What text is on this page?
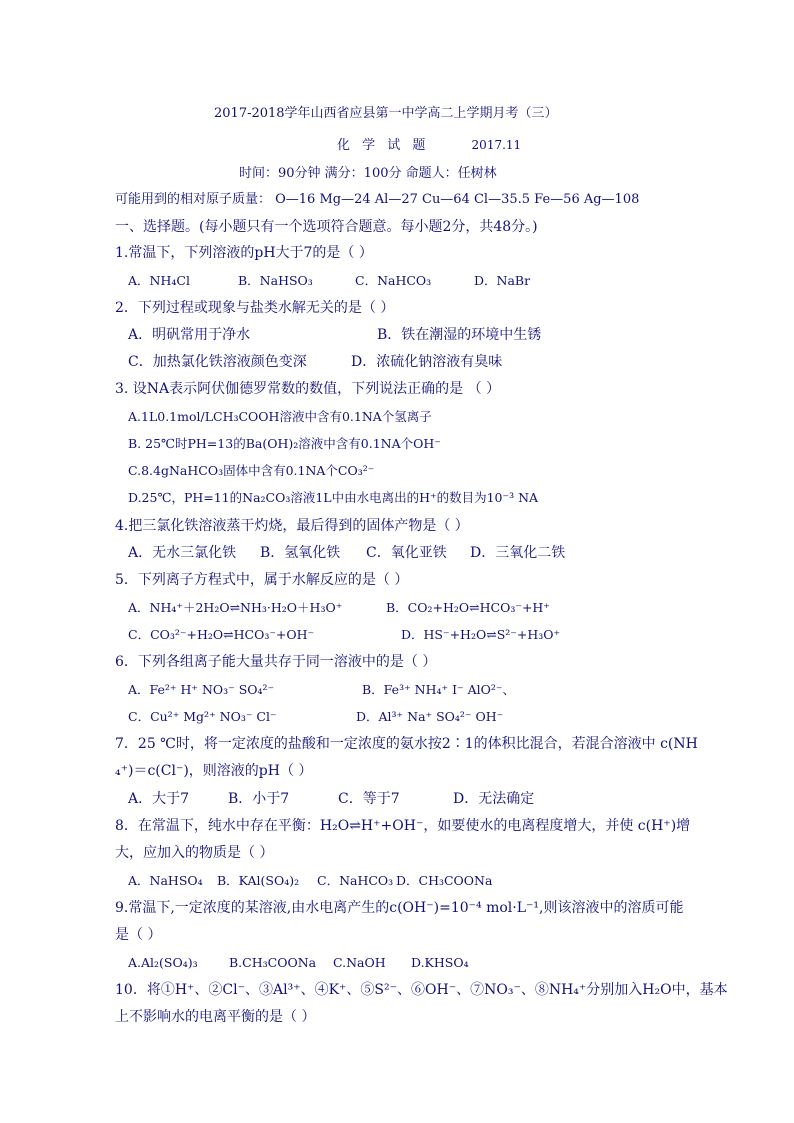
2017-2018学年山西省应县第一中学高二上学期月考（三）
化 学 试 题	2017.11
时间：90分钟 满分：100分 命题人：任树林
可能用到的相对原子质量： O—16 Mg—24 Al—27 Cu—64 Cl—35.5 Fe—56 Ag—108
一、选择题。(每小题只有一个选项符合题意。每小题2分，共48分。)
1.常温下，下列溶液的pH大于7的是（ ）
A．NH₄Cl	B．NaHSO₃	C．NaHCO₃	D．NaBr
2．下列过程或现象与盐类水解无关的是（ ）
A．明矾常用于净水	B．铁在潮湿的环境中生锈
C．加热氯化铁溶液颜色变深	D．浓硫化钠溶液有臭味
3. 设NA表示阿伏伽德罗常数的数值，下列说法正确的是 （ ）
A.1L0.1mol/LCH₃COOH溶液中含有0.1NA个氢离子
B. 25℃时PH=13的Ba(OH)₂溶液中含有0.1NA个OH⁻
C.8.4gNaHCO₃固体中含有0.1NA个CO₃²⁻
D.25℃，PH=11的Na₂CO₃溶液1L中由水电离出的H⁺的数目为10⁻³ NA
4.把三氯化铁溶液蒸干灼烧，最后得到的固体产物是（ ）
A．无水三氯化铁 B．氢氧化铁 C．氧化亚铁 D．三氧化二铁
5．下列离子方程式中，属于水解反应的是（ ）
A．NH₄⁺＋2H₂O⇌NH₃·H₂O＋H₃O⁺	B．CO₂+H₂O⇌HCO₃⁻+H⁺
C．CO₃²⁻+H₂O⇌HCO₃⁻+OH⁻	D．HS⁻+H₂O⇌S²⁻+H₃O⁺
6．下列各组离子能大量共存于同一溶液中的是（ ）
A．Fe²⁺ H⁺ NO₃⁻ SO₄²⁻	B．Fe³⁺ NH₄⁺ I⁻ AlO²⁻、
C．Cu²⁺ Mg²⁺ NO₃⁻ Cl⁻	D．Al³⁺ Na⁺ SO₄²⁻ OH⁻
7．25 ℃时，将一定浓度的盐酸和一定浓度的氨水按2∶1的体积比混合，若混合溶液中 c(NH
₄⁺)＝c(Cl⁻)，则溶液的pH（ ）
A．大于7	B．小于7	C．等于7	D．无法确定
8．在常温下，纯水中存在平衡：H₂O⇌H⁺+OH⁻，如要使水的电离程度增大，并使 c(H⁺)增
大，应加入的物质是（ ）
A．NaHSO₄ B．KAl(SO₄)₂ C．NaHCO₃ D．CH₃COONa
9.常温下,一定浓度的某溶液,由水电离产生的c(OH⁻)=10⁻⁴ mol·L⁻¹,则该溶液中的溶质可能
是（ ）
A.Al₂(SO₄)₃	B.CH₃COONa C.NaOH D.KHSO₄
10．将①H⁺、②Cl⁻、③Al³⁺、④K⁺、⑤S²⁻、⑥OH⁻、⑦NO₃⁻、⑧NH₄⁺分别加入H₂O中，基本
上不影响水的电离平衡的是（ ）
